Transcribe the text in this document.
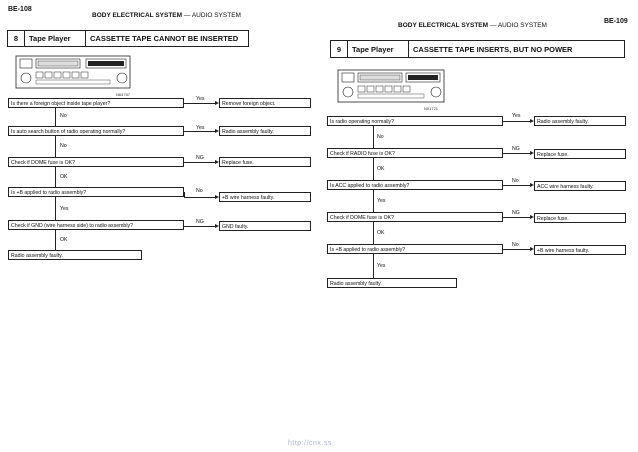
BE-108
BODY ELECTRICAL SYSTEM — AUDIO SYSTEM
8	Tape Player	CASSETTE TAPE CANNOT BE INSERTED
N64757
Is there a foreign object inside tape player?
Yes
Remove foreign object.
No
Is auto search button of radio operating normally?
Yes
Radio assembly faulty.
No
Check if DOME fuse is OK?
NG
Replace fuse.
OK
Is +B applied to radio assembly?	No
+B wire harness faulty.
Yes
Check if GND (wire harness side) to radio assembly?
NG
GND faulty.
OK
Radio assembly faulty.
BE-109
BODY ELECTRICAL SYSTEM — AUDIO SYSTEM
9	Tape Player	CASSETTE TAPE INSERTS, BUT NO POWER
N01721
Is radio operating normally?
Yes
Radio assembly faulty.
No
Check if RADIO fuse is OK?
NG
Replace fuse.
OK
Is ACC applied to radio assembly?
No
ACC wire harness faulty.
Yes
Check if DOME fuse is OK?
NG
Replace fuse.
OK
Is +B applied to radio assembly?
No
+B wire harness faulty.
Yes
Radio assembly faulty.
http://cnx.ss
